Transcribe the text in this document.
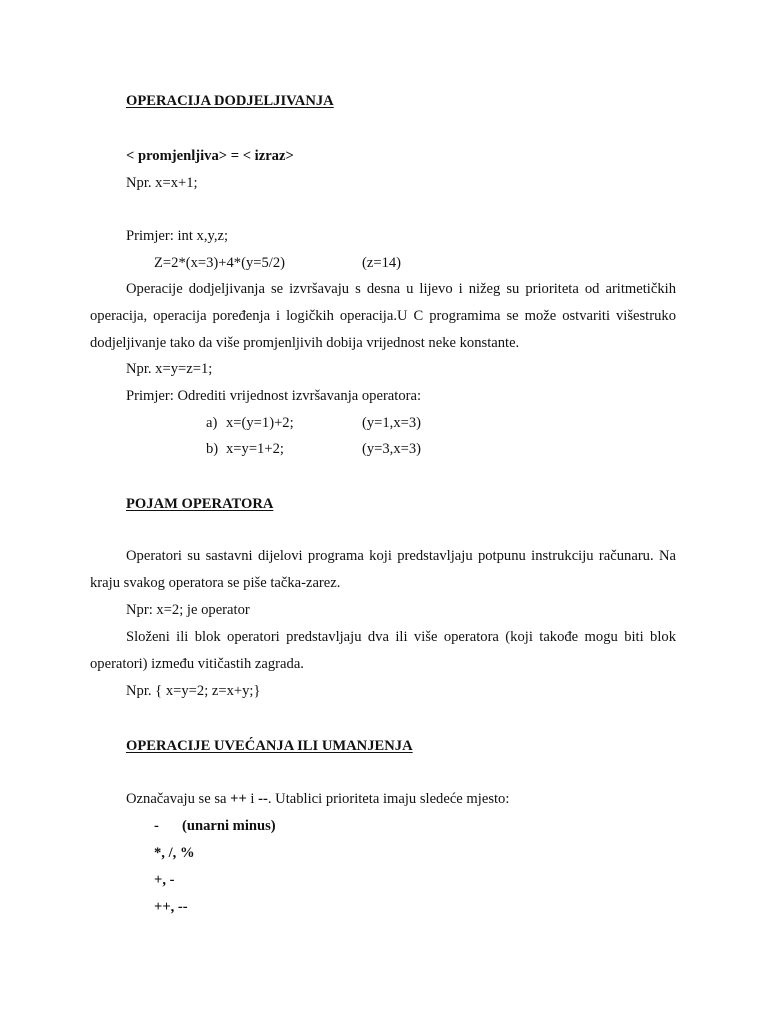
OPERACIJA DODJELJIVANJA
< promjenljiva> = < izraz>
Npr. x=x+1;
Primjer: int x,y,z;
Z=2*(x=3)+4*(y=5/2)	(z=14)
Operacije dodjeljivanja se izvršavaju s desna u lijevo i nižeg su prioriteta od aritmetičkih
operacija, operacija poređenja i logičkih operacija.U C programima se može ostvariti višestruko
dodjeljivanje tako da više promjenljivih dobija vrijednost neke konstante.
Npr. x=y=z=1;
Primjer: Odrediti vrijednost izvršavanja operatora:
a) x=(y=1)+2;	(y=1,x=3)
b) x=y=1+2;	(y=3,x=3)
POJAM OPERATORA
Operatori su sastavni dijelovi programa koji predstavljaju potpunu instrukciju računaru. Na
kraju svakog operatora se piše tačka-zarez.
Npr: x=2; je operator
Složeni ili blok operatori predstavljaju dva ili više operatora (koji takođe mogu biti blok
operatori) između vitičastih zagrada.
Npr. { x=y=2; z=x+y;}
OPERACIJE UVEĆANJA ILI UMANJENJA
Označavaju se sa ++ i --. Utablici prioriteta imaju sledeće mjesto:
- (unarni minus)
*, /, %
+, -
++, --
